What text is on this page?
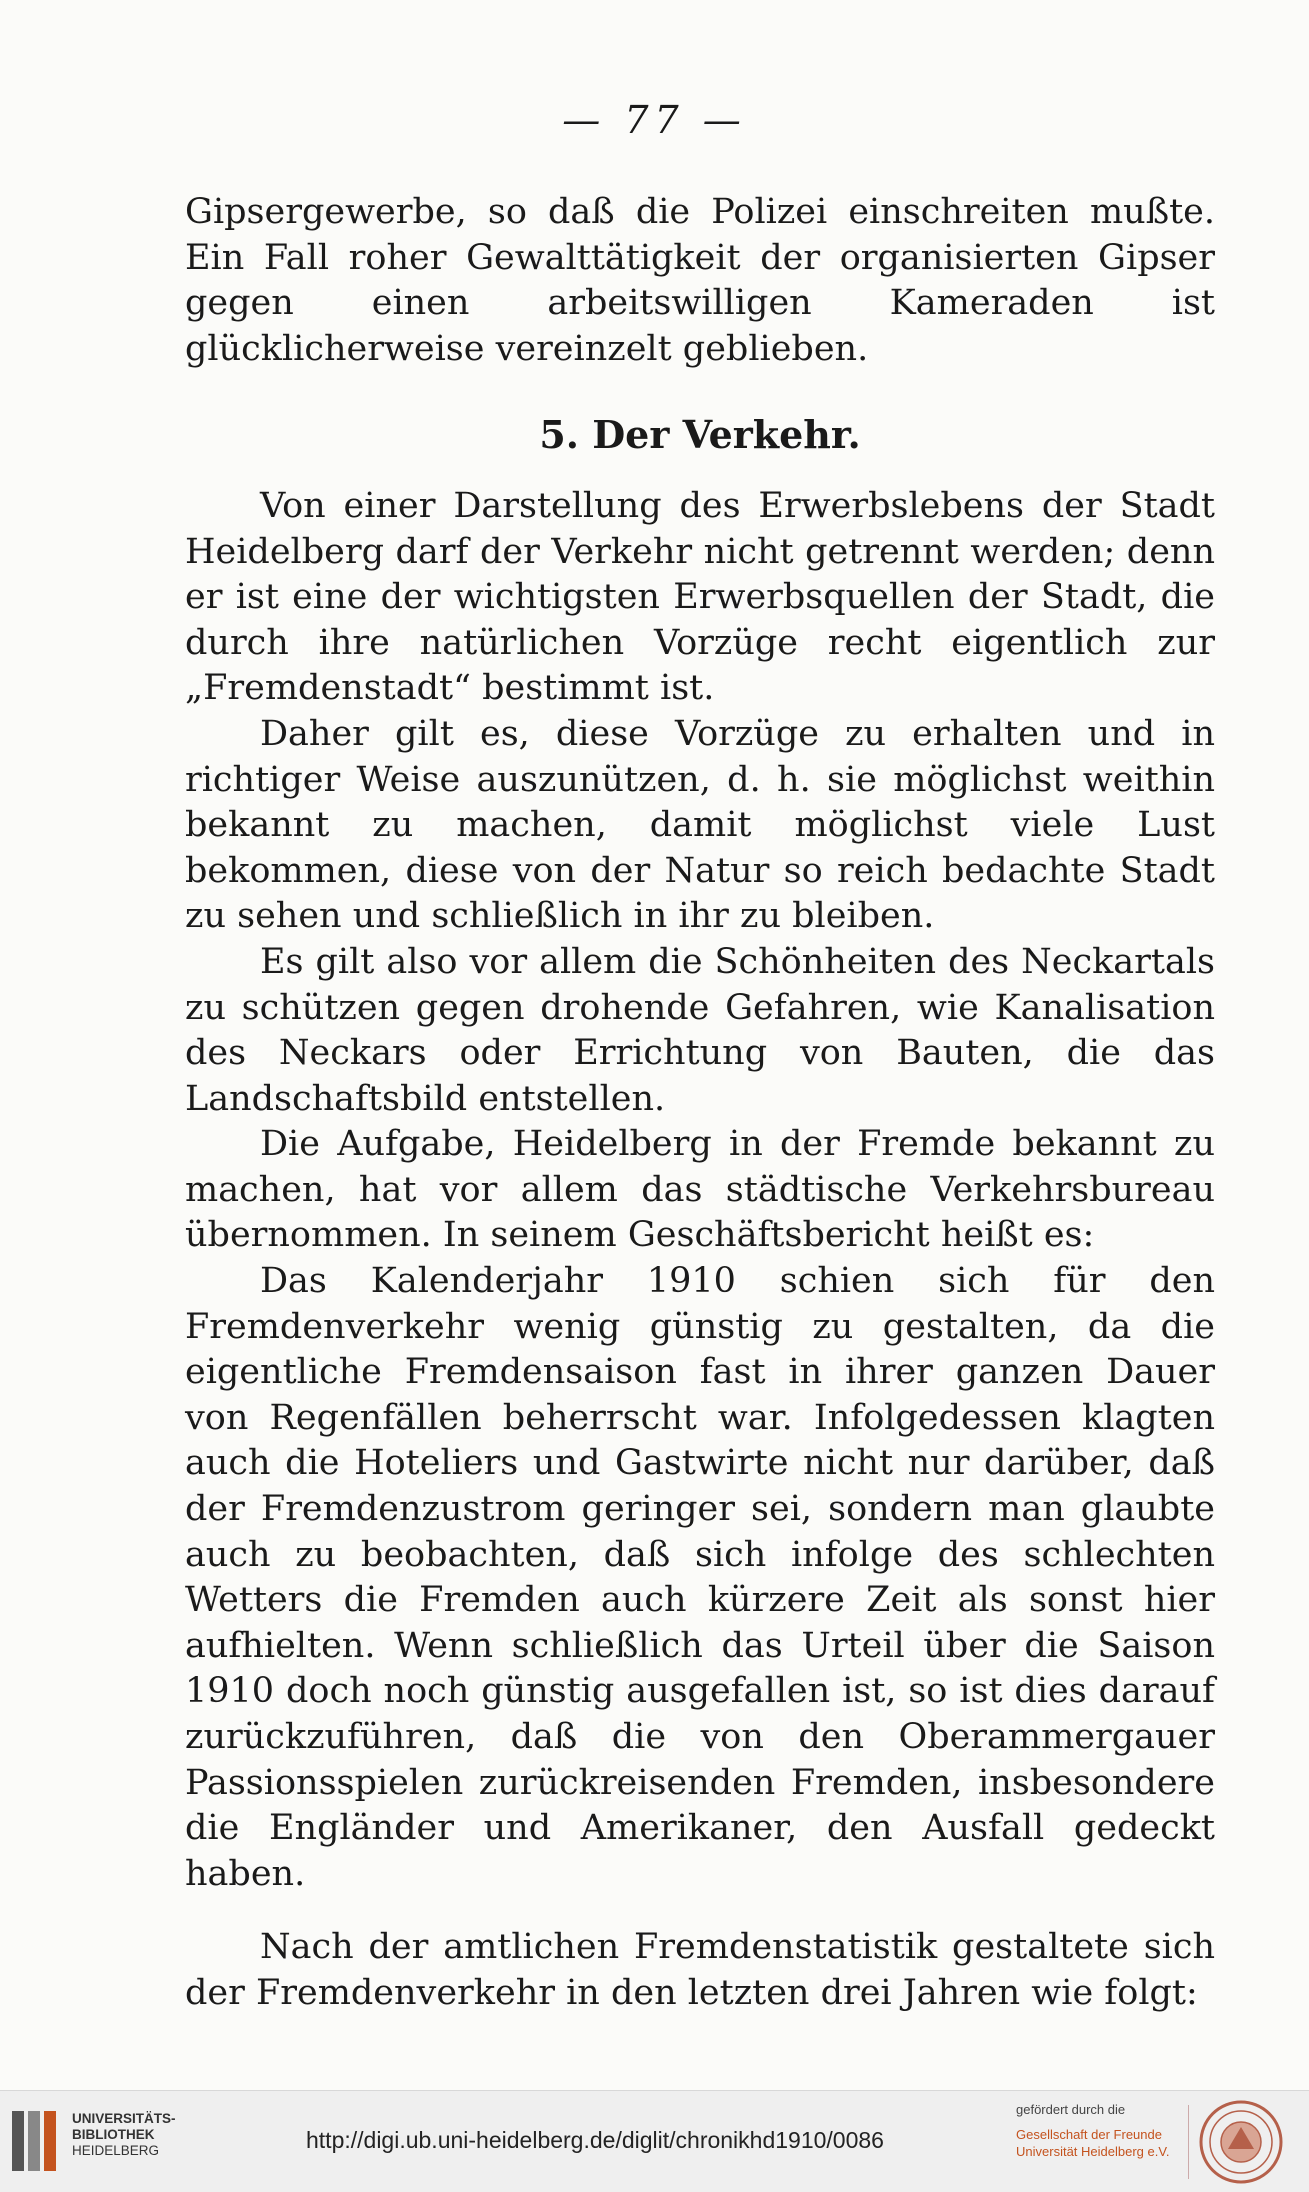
— 77 —

Gipsergewerbe, so daß die Polizei einschreiten mußte. Ein Fall roher Gewalttätigkeit der organisierten Gipser gegen einen arbeitswilligen Kameraden ist glücklicherweise vereinzelt geblieben.

5. Der Verkehr.

Von einer Darstellung des Erwerbslebens der Stadt Heidelberg darf der Verkehr nicht getrennt werden; denn er ist eine der wichtigsten Erwerbsquellen der Stadt, die durch ihre natürlichen Vorzüge recht eigentlich zur „Fremdenstadt“ bestimmt ist.

Daher gilt es, diese Vorzüge zu erhalten und in richtiger Weise auszunützen, d. h. sie möglichst weithin bekannt zu machen, damit möglichst viele Lust bekommen, diese von der Natur so reich bedachte Stadt zu sehen und schließlich in ihr zu bleiben.

Es gilt also vor allem die Schönheiten des Neckartals zu schützen gegen drohende Gefahren, wie Kanalisation des Neckars oder Errichtung von Bauten, die das Landschaftsbild entstellen.

Die Aufgabe, Heidelberg in der Fremde bekannt zu machen, hat vor allem das städtische Verkehrsbureau übernommen. In seinem Geschäftsbericht heißt es:

Das Kalenderjahr 1910 schien sich für den Fremdenverkehr wenig günstig zu gestalten, da die eigentliche Fremdensaison fast in ihrer ganzen Dauer von Regenfällen beherrscht war. Infolgedessen klagten auch die Hoteliers und Gastwirte nicht nur darüber, daß der Fremdenzustrom geringer sei, sondern man glaubte auch zu beobachten, daß sich infolge des schlechten Wetters die Fremden auch kürzere Zeit als sonst hier aufhielten. Wenn schließlich das Urteil über die Saison 1910 doch noch günstig ausgefallen ist, so ist dies darauf zurückzuführen, daß die von den Oberammergauer Passionsspielen zurückreisenden Fremden, insbesondere die Engländer und Amerikaner, den Ausfall gedeckt haben.

Nach der amtlichen Fremdenstatistik gestaltete sich der Fremdenverkehr in den letzten drei Jahren wie folgt:

UNIVERSITÄTS-
BIBLIOTHEK
HEIDELBERG	http://digi.ub.uni-heidelberg.de/diglit/chronikhd1910/0086
gefördert durch die
Gesellschaft der Freunde
Universität Heidelberg e.V.
